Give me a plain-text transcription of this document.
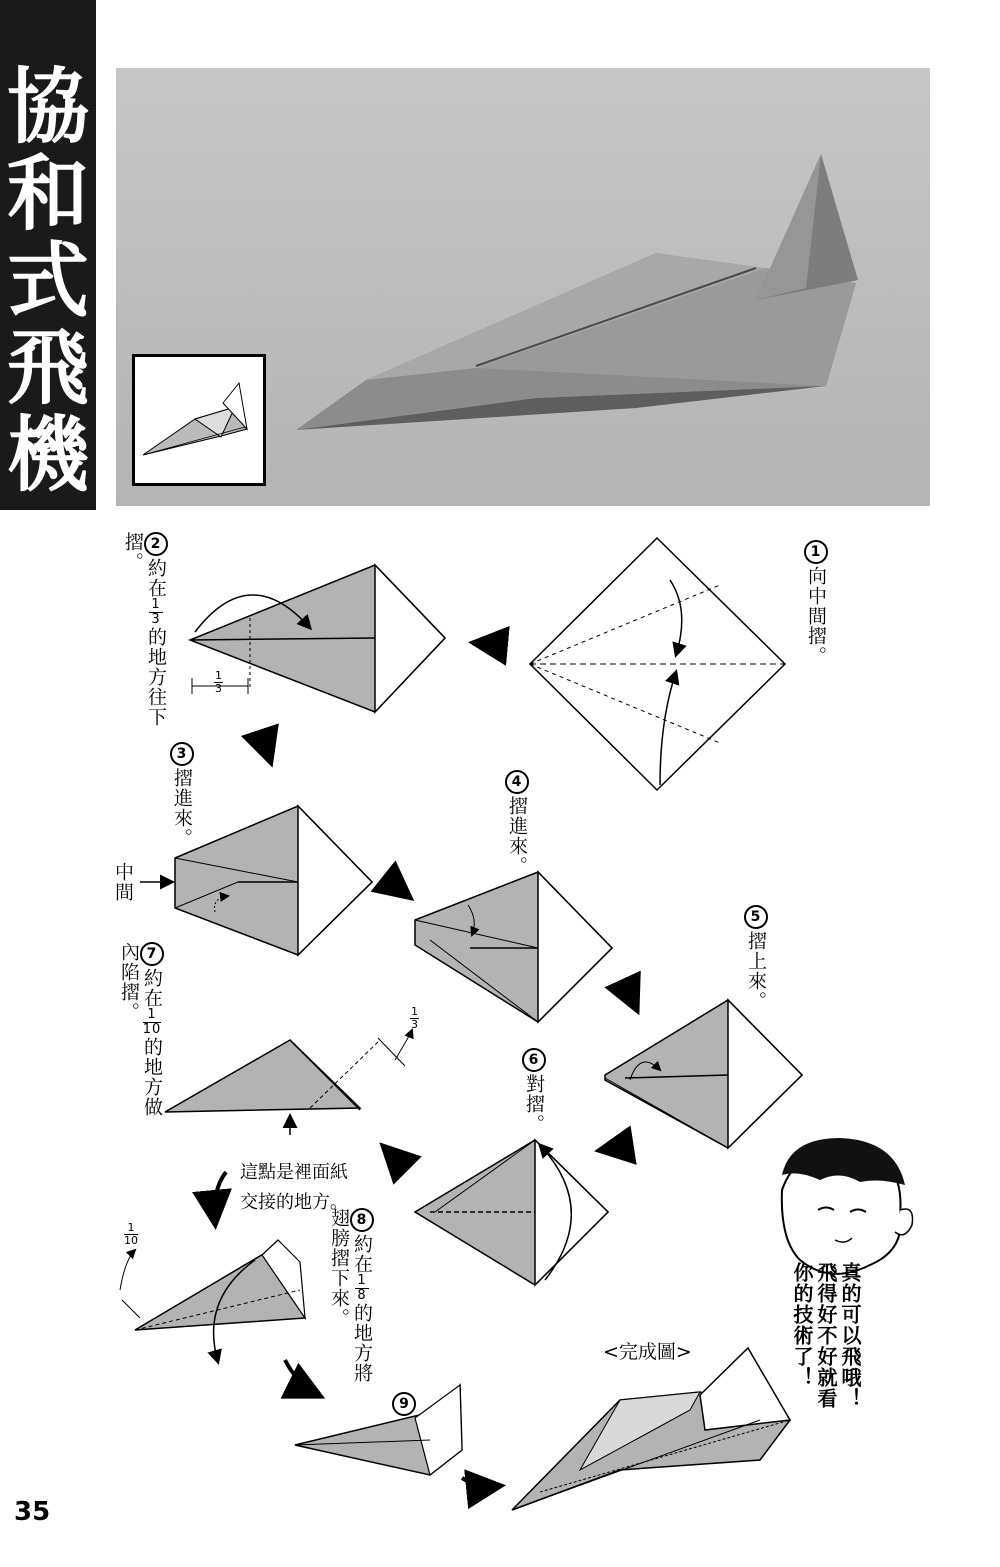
協
和
式
飛
機
1向中間摺。
2約在
$\frac{1}{3}$
的地方往下摺。
$\frac{1}{3}$
3摺進來。
中間
4摺進來。
5摺上來。
6對摺。
7約在
$\frac{1}{10}$
的地方做內陷摺。	$\frac{1}{3}$
這點是裡面紙
交接的地方。
8約在
$\frac{1}{8}$
的地方將翅膀摺下來。
$\frac{1}{10}$
9
<完成圖>	真的可以飛哦！
飛得好不好就看
你的技術了！
35
